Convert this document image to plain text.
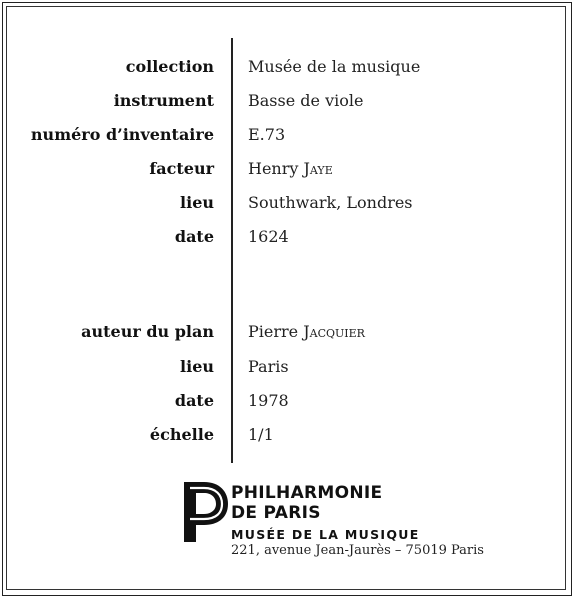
collection Musée de la musique
instrument Basse de viole
numéro d’inventaire E.73
facteur Henry Jaye
lieu Southwark, Londres
date 1624
auteur du plan Pierre Jacquier
lieu Paris
date 1978
échelle 1/1
PHILHARMONIE
DE PARIS
MUSÉE DE LA MUSIQUE
221, avenue Jean-Jaurès – 75019 Paris
